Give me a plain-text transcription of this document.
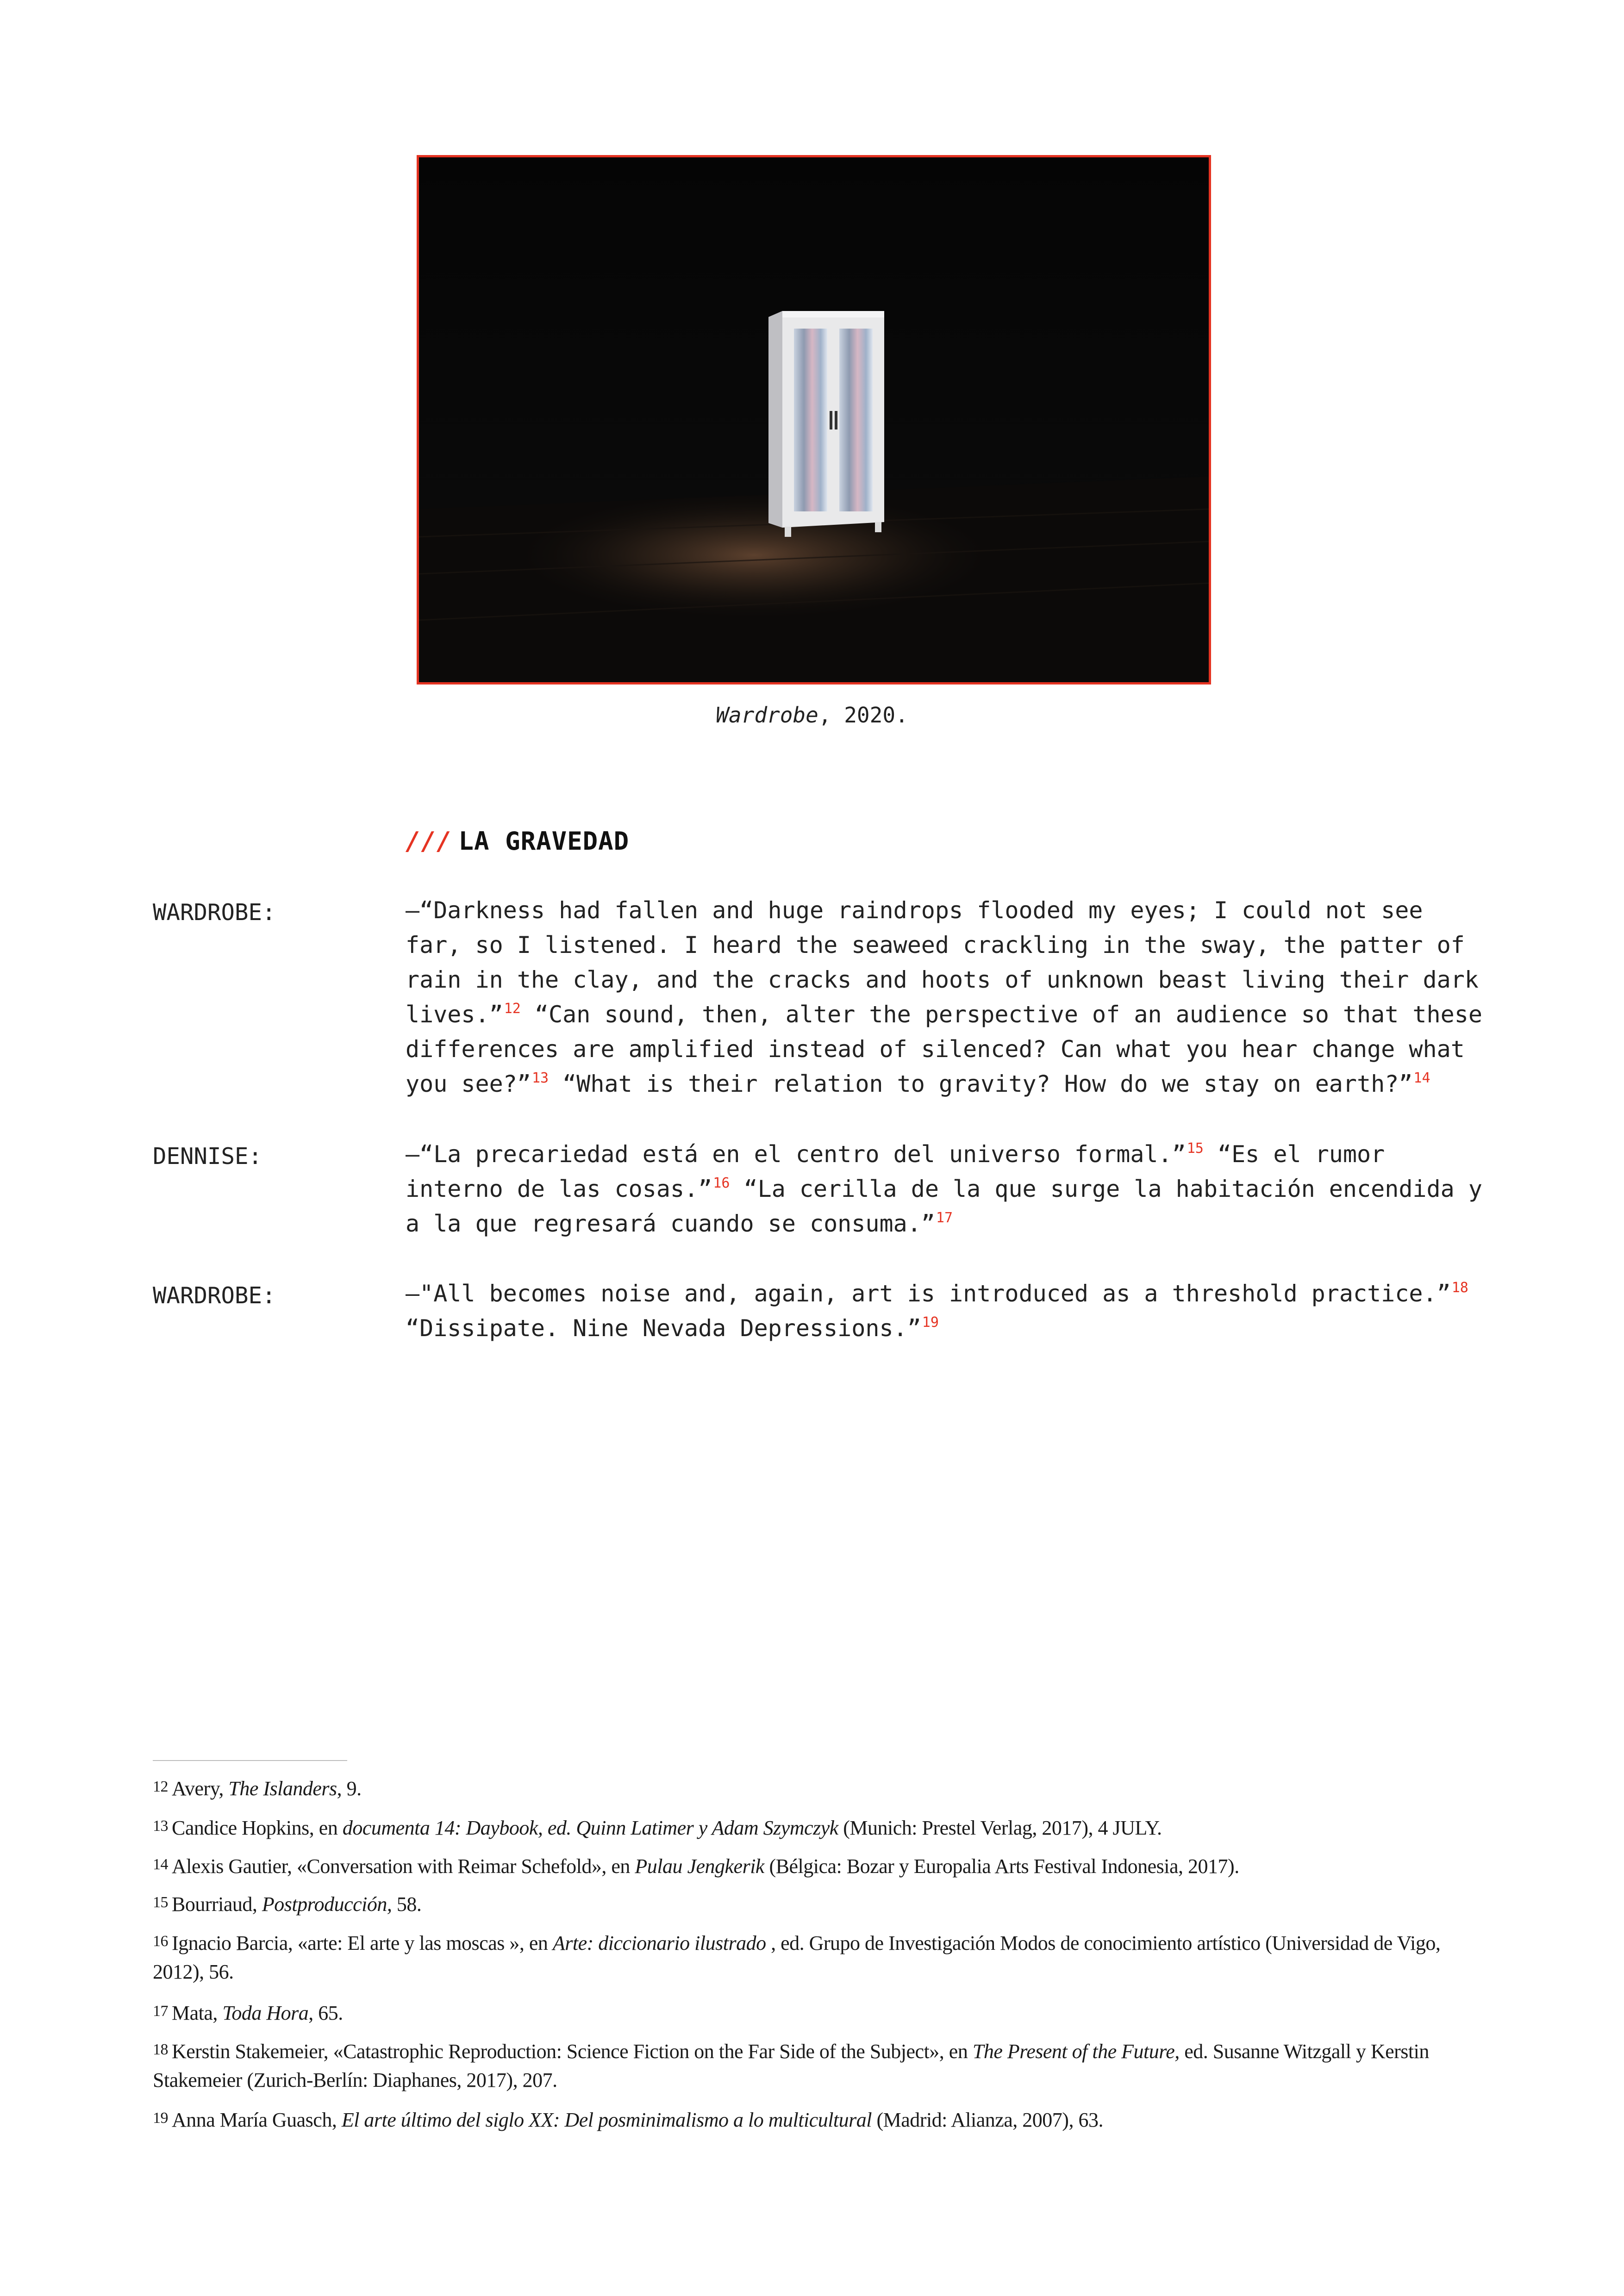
Wardrobe, 2020.
/// LA GRAVEDAD
WARDROBE:	—“Darkness had fallen and huge raindrops flooded my eyes; I could not see
far, so I listened. I heard the seaweed crackling in the sway, the patter of
rain in the clay, and the cracks and hoots of unknown beast living their dark
lives.”$^{12}$ “Can sound, then, alter the perspective of an audience so that these
differences are amplified instead of silenced? Can what you hear change what
you see?”$^{13}$ “What is their relation to gravity? How do we stay on earth?”$^{14}$
DENNISE:	—“La precariedad está en el centro del universo formal.”$^{15}$ “Es el rumor
interno de las cosas.”$^{16}$ “La cerilla de la que surge la habitación encendida y
a la que regresará cuando se consuma.”$^{17}$
WARDROBE:	—"All becomes noise and, again, art is introduced as a threshold practice.”$^{18}$
“Dissipate. Nine Nevada Depressions.”$^{19}$
12 Avery, The Islanders, 9.
13 Candice Hopkins, en documenta 14: Daybook, ed. Quinn Latimer y Adam Szymczyk (Munich: Prestel Verlag, 2017), 4 JULY.
14 Alexis Gautier, «Conversation with Reimar Schefold», en Pulau Jengkerik (Bélgica: Bozar y Europalia Arts Festival Indonesia, 2017).
15 Bourriaud, Postproducción, 58.
16 Ignacio Barcia, «arte: El arte y las moscas », en Arte: diccionario ilustrado , ed. Grupo de Investigación Modos de conocimiento artístico (Universidad de Vigo, 2012), 56.
17 Mata, Toda Hora, 65.
18 Kerstin Stakemeier, «Catastrophic Reproduction: Science Fiction on the Far Side of the Subject», en The Present of the Future, ed. Susanne Witzgall y Kerstin Stakemeier (Zurich-Berlín: Diaphanes, 2017), 207.
19 Anna María Guasch, El arte último del siglo XX: Del posminimalismo a lo multicultural (Madrid: Alianza, 2007), 63.
